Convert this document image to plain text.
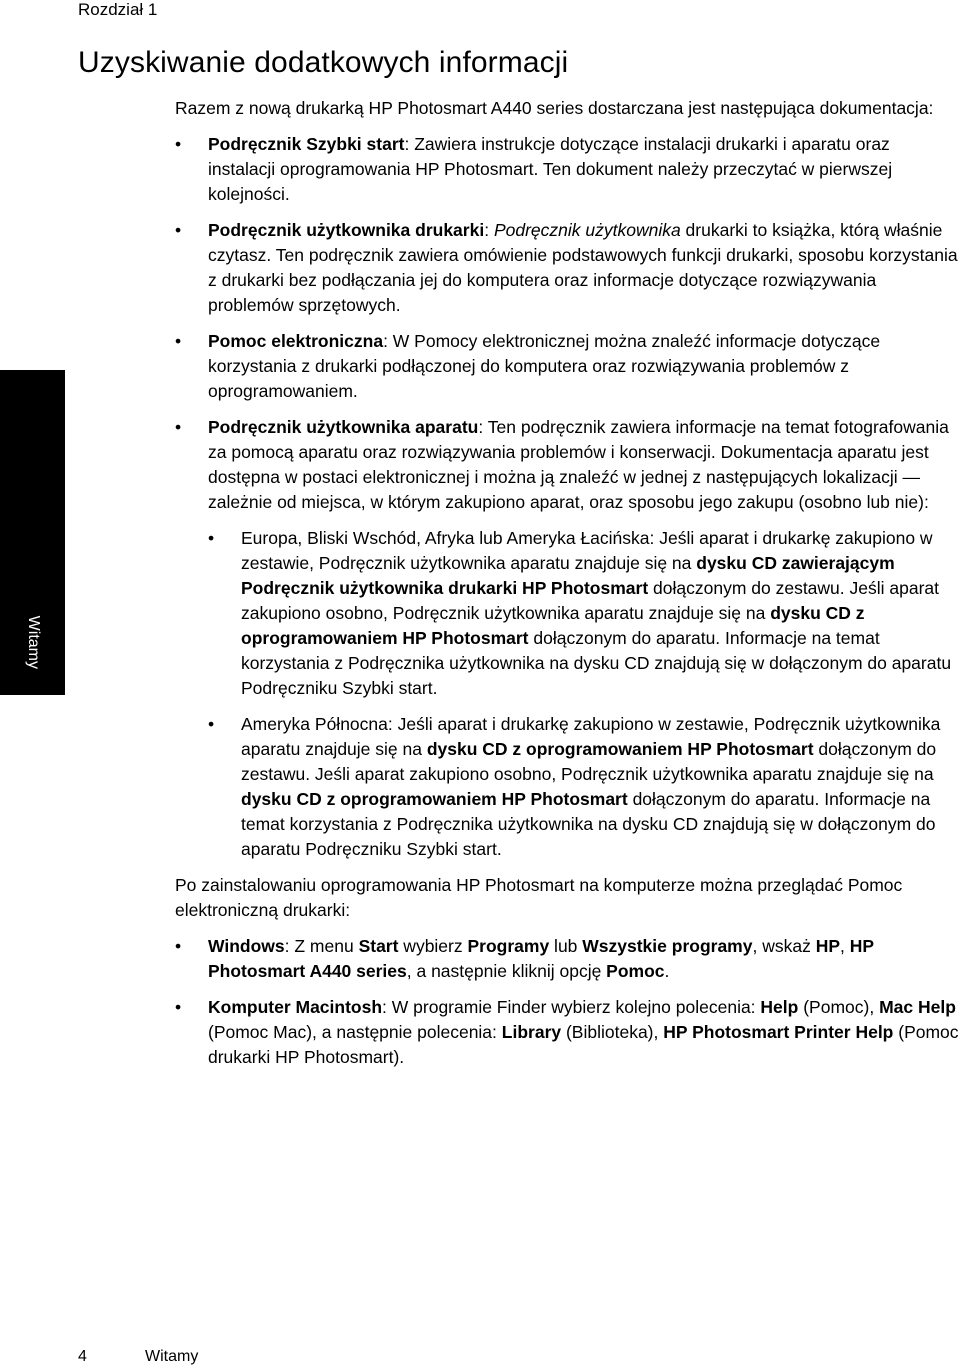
Rozdział 1
Uzyskiwanie dodatkowych informacji
Witamy

Razem z nową drukarką HP Photosmart A440 series dostarczana jest następująca dokumentacja:

• Podręcznik Szybki start: Zawiera instrukcje dotyczące instalacji drukarki i aparatu oraz instalacji oprogramowania HP Photosmart. Ten dokument należy przeczytać w pierwszej kolejności.
• Podręcznik użytkownika drukarki: Podręcznik użytkownika drukarki to książka, którą właśnie czytasz. Ten podręcznik zawiera omówienie podstawowych funkcji drukarki, sposobu korzystania z drukarki bez podłączania jej do komputera oraz informacje dotyczące rozwiązywania problemów sprzętowych.
• Pomoc elektroniczna: W Pomocy elektronicznej można znaleźć informacje dotyczące korzystania z drukarki podłączonej do komputera oraz rozwiązywania problemów z oprogramowaniem.
• Podręcznik użytkownika aparatu: Ten podręcznik zawiera informacje na temat fotografowania za pomocą aparatu oraz rozwiązywania problemów i konserwacji. Dokumentacja aparatu jest dostępna w postaci elektronicznej i można ją znaleźć w jednej z następujących lokalizacji — zależnie od miejsca, w którym zakupiono aparat, oraz sposobu jego zakupu (osobno lub nie):
• Europa, Bliski Wschód, Afryka lub Ameryka Łacińska: Jeśli aparat i drukarkę zakupiono w zestawie, Podręcznik użytkownika aparatu znajduje się na dysku CD zawierającym Podręcznik użytkownika drukarki HP Photosmart dołączonym do zestawu. Jeśli aparat zakupiono osobno, Podręcznik użytkownika aparatu znajduje się na dysku CD z oprogramowaniem HP Photosmart dołączonym do aparatu. Informacje na temat korzystania z Podręcznika użytkownika na dysku CD znajdują się w dołączonym do aparatu Podręczniku Szybki start.
• Ameryka Północna: Jeśli aparat i drukarkę zakupiono w zestawie, Podręcznik użytkownika aparatu znajduje się na dysku CD z oprogramowaniem HP Photosmart dołączonym do zestawu. Jeśli aparat zakupiono osobno, Podręcznik użytkownika aparatu znajduje się na dysku CD z oprogramowaniem HP Photosmart dołączonym do aparatu. Informacje na temat korzystania z Podręcznika użytkownika na dysku CD znajdują się w dołączonym do aparatu Podręczniku Szybki start.

Po zainstalowaniu oprogramowania HP Photosmart na komputerze można przeglądać Pomoc elektroniczną drukarki:

• Windows: Z menu Start wybierz Programy lub Wszystkie programy, wskaż HP, HP Photosmart A440 series, a następnie kliknij opcję Pomoc.
• Komputer Macintosh: W programie Finder wybierz kolejno polecenia: Help (Pomoc), Mac Help (Pomoc Mac), a następnie polecenia: Library (Biblioteka), HP Photosmart Printer Help (Pomoc drukarki HP Photosmart).
4	Witamy
